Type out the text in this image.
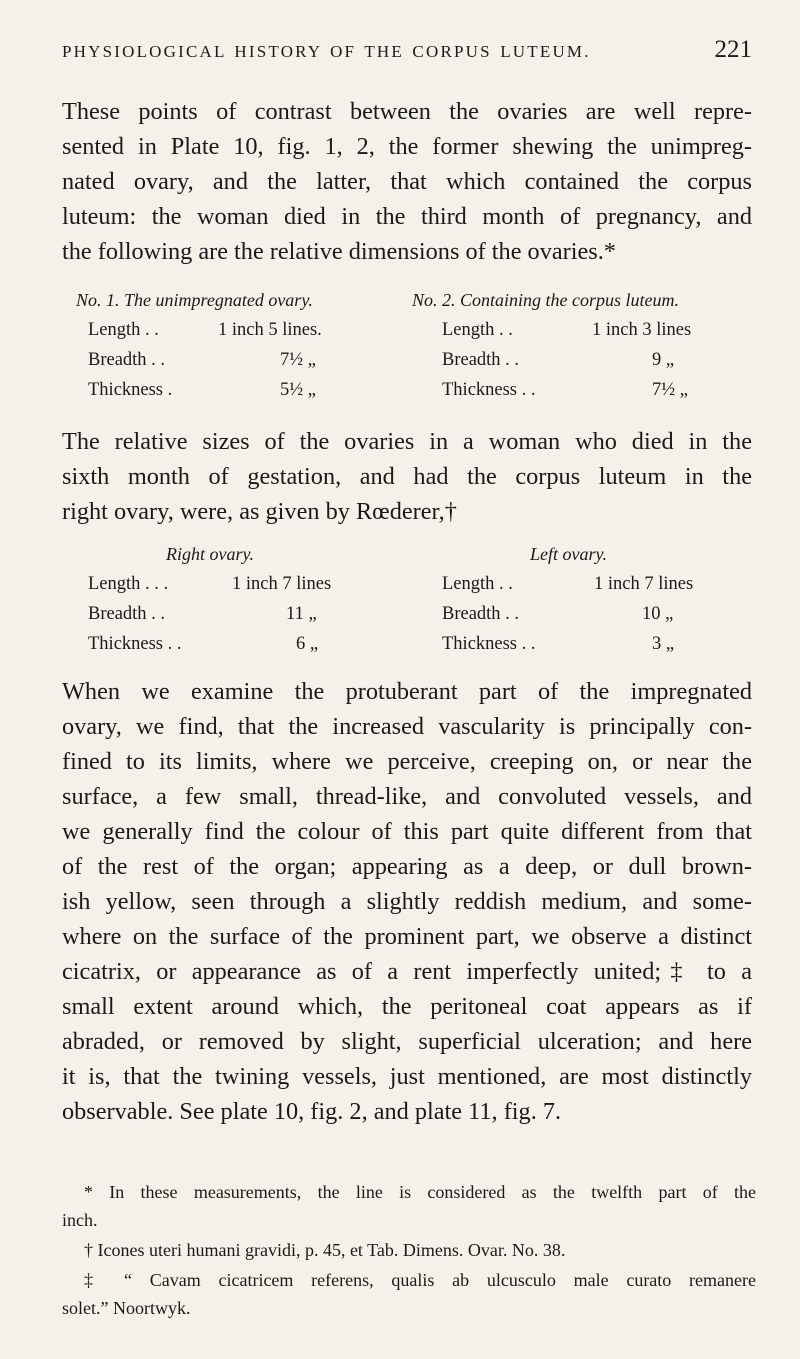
PHYSIOLOGICAL HISTORY OF THE CORPUS LUTEUM.	221
These points of contrast between the ovaries are well repre-
sented in Plate 10, fig. 1, 2, the former shewing the unimpreg-
nated ovary, and the latter, that which contained the corpus
luteum: the woman died in the third month of pregnancy, and
the following are the relative dimensions of the ovaries.*
No. 1. The unimpregnated ovary.	No. 2. Containing the corpus luteum.
Length . .	1 inch 5 lines.	Length . .	1 inch 3 lines
Breadth . .	7½ „	Breadth . .	9 „
Thickness .	5½ „	Thickness . .	7½ „
The relative sizes of the ovaries in a woman who died in the
sixth month of gestation, and had the corpus luteum in the
right ovary, were, as given by Rœderer,†
Right ovary.	Left ovary.
Length . . .	1 inch 7 lines	Length . .	1 inch 7 lines
Breadth . .	11 „	Breadth . .	10 „
Thickness . .	6 „	Thickness . .	3 „
When we examine the protuberant part of the impregnated
ovary, we find, that the increased vascularity is principally con-
fined to its limits, where we perceive, creeping on, or near the
surface, a few small, thread-like, and convoluted vessels, and
we generally find the colour of this part quite different from that
of the rest of the organ; appearing as a deep, or dull brown-
ish yellow, seen through a slightly reddish medium, and some-
where on the surface of the prominent part, we observe a distinct
cicatrix, or appearance as of a rent imperfectly united;‡ to a
small extent around which, the peritoneal coat appears as if
abraded, or removed by slight, superficial ulceration; and here
it is, that the twining vessels, just mentioned, are most distinctly
observable. See plate 10, fig. 2, and plate 11, fig. 7.
* In these measurements, the line is considered as the twelfth part of the
inch.
† Icones uteri humani gravidi, p. 45, et Tab. Dimens. Ovar. No. 38.
‡ “ Cavam cicatricem referens, qualis ab ulcusculo male curato remanere
solet.” Noortwyk.
